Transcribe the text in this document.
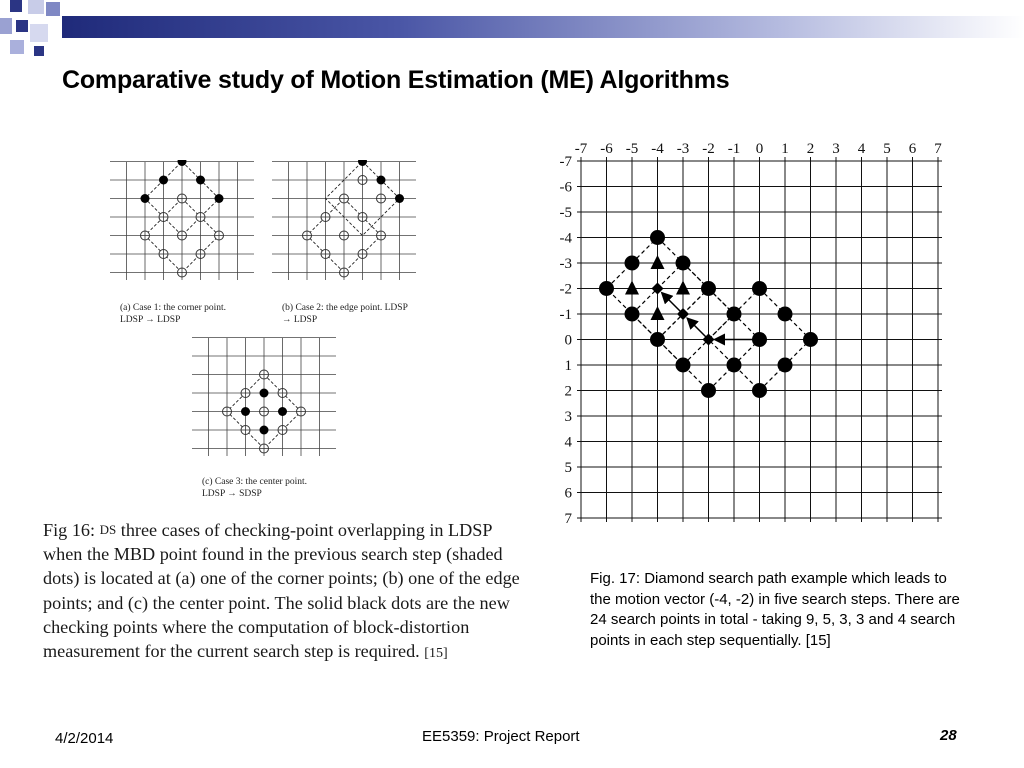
Comparative study of Motion Estimation (ME) Algorithms
(a) Case 1: the corner point. LDSP → LDSP
(b) Case 2: the edge point. LDSP → LDSP
(c) Case 3: the center point. LDSP → SDSP
Fig 16: $^{DS}$ three cases of checking-point overlapping in LDSP when the MBD point found in the previous search step (shaded dots) is located at (a) one of the corner points; (b) one of the edge points; and (c) the center point. The solid black dots are the new checking points where the computation of block-distortion measurement for the current search step is required. [15]
-7 -6 -5 -4 -3 -2 -1 0 1 2 3 4 5 6 7
-7
-6
-5
-4
-3
-2
-1
0
1
2
3
4
5
6
7
Fig. 17: Diamond search path example which leads to the motion vector (-4, -2) in five search steps. There are 24 search points in total - taking 9, 5, 3, 3 and 4 search points in each step sequentially. [15]
4/2/2014	EE5359: Project Report	28
